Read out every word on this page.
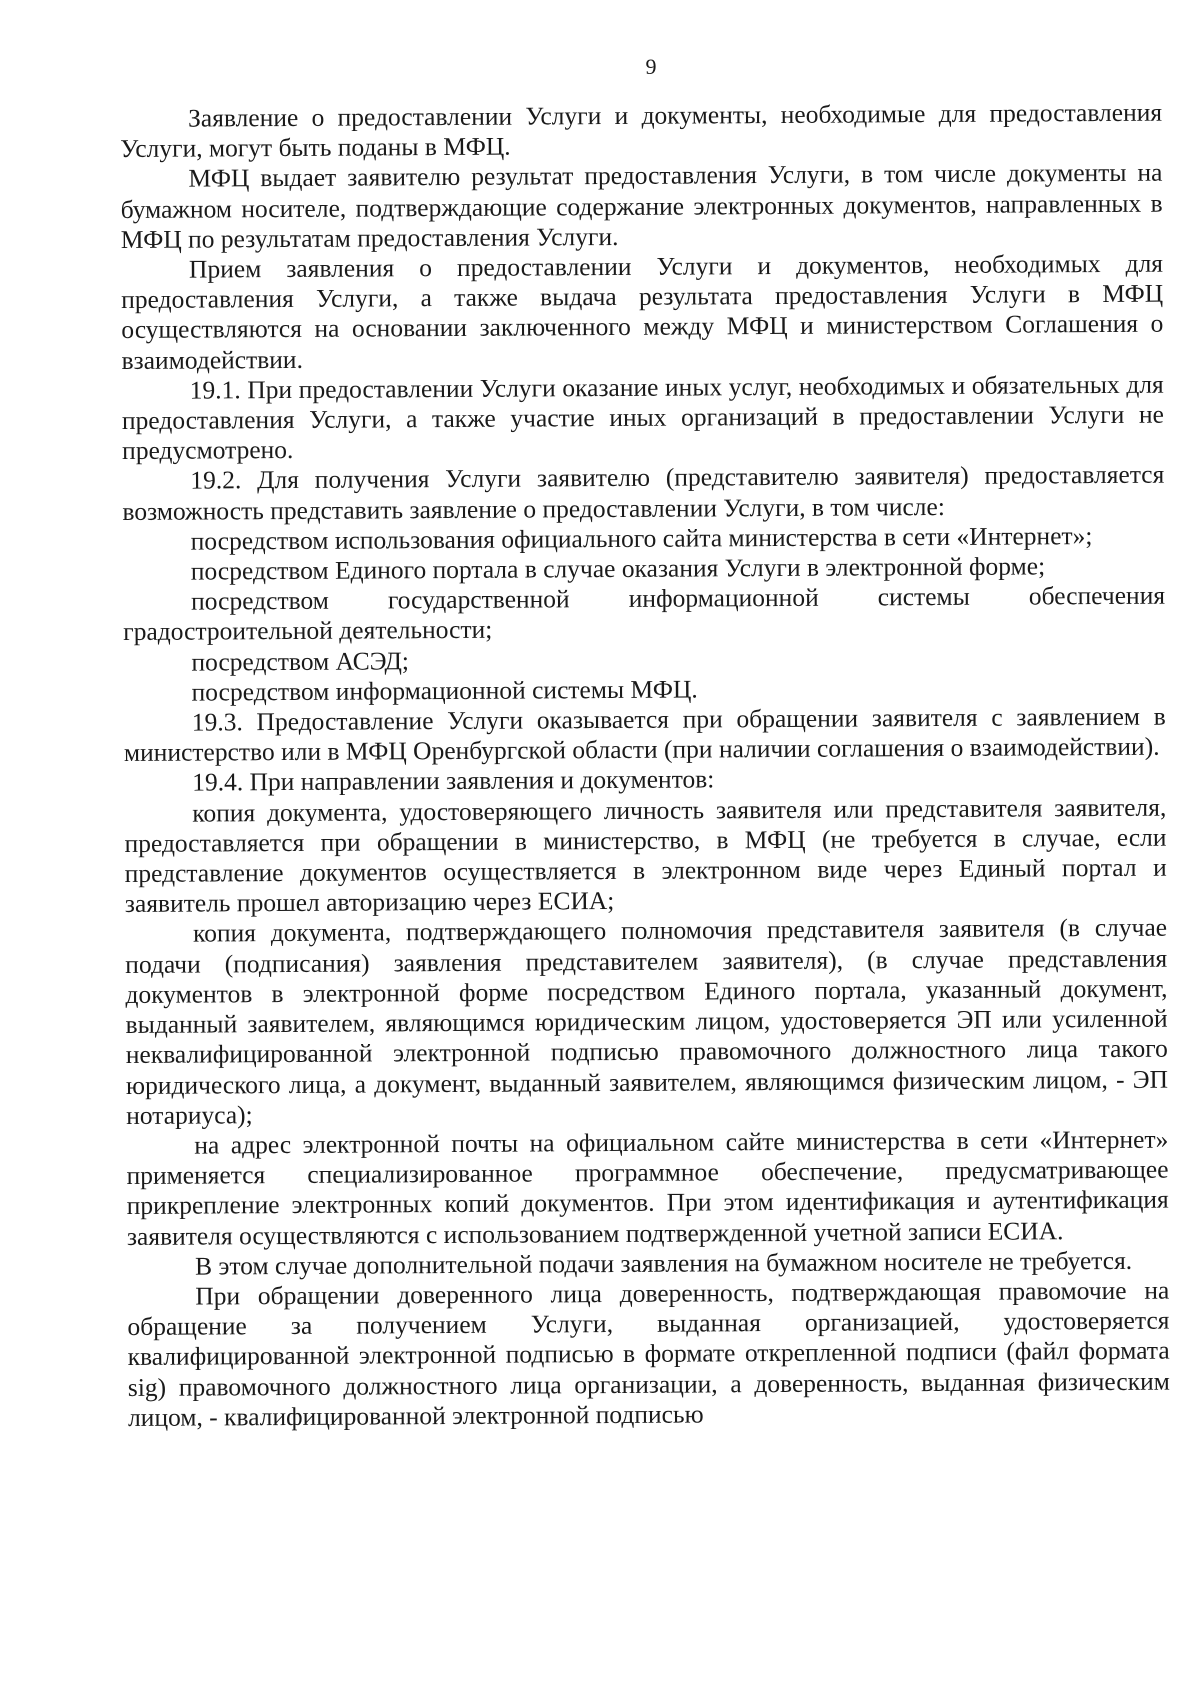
9

Заявление о предоставлении Услуги и документы, необходимые для предоставления Услуги, могут быть поданы в МФЦ.

МФЦ выдает заявителю результат предоставления Услуги, в том числе документы на бумажном носителе, подтверждающие содержание электронных документов, направленных в МФЦ по результатам предоставления Услуги.

Прием заявления о предоставлении Услуги и документов, необходимых для предоставления Услуги, а также выдача результата предоставления Услуги в МФЦ осуществляются на основании заключенного между МФЦ и министерством Соглашения о взаимодействии.

19.1. При предоставлении Услуги оказание иных услуг, необходимых и обязательных для предоставления Услуги, а также участие иных организаций в предоставлении Услуги не предусмотрено.

19.2. Для получения Услуги заявителю (представителю заявителя) предоставляется возможность представить заявление о предоставлении Услуги, в том числе:

посредством использования официального сайта министерства в сети «Интернет»;

посредством Единого портала в случае оказания Услуги в электронной форме;

посредством государственной информационной системы обеспечения градостроительной деятельности;

посредством АСЭД;

посредством информационной системы МФЦ.

19.3. Предоставление Услуги оказывается при обращении заявителя с заявлением в министерство или в МФЦ Оренбургской области (при наличии соглашения о взаимодействии).

19.4. При направлении заявления и документов:

копия документа, удостоверяющего личность заявителя или представителя заявителя, предоставляется при обращении в министерство, в МФЦ (не требуется в случае, если представление документов осуществляется в электронном виде через Единый портал и заявитель прошел авторизацию через ЕСИА;

копия документа, подтверждающего полномочия представителя заявителя (в случае подачи (подписания) заявления представителем заявителя), (в случае представления документов в электронной форме посредством Единого портала, указанный документ, выданный заявителем, являющимся юридическим лицом, удостоверяется ЭП или усиленной неквалифицированной электронной подписью правомочного должностного лица такого юридического лица, а документ, выданный заявителем, являющимся физическим лицом, - ЭП нотариуса);

на адрес электронной почты на официальном сайте министерства в сети «Интернет» применяется специализированное программное обеспечение, предусматривающее прикрепление электронных копий документов. При этом идентификация и аутентификация заявителя осуществляются с использованием подтвержденной учетной записи ЕСИА.

В этом случае дополнительной подачи заявления на бумажном носителе не требуется.

При обращении доверенного лица доверенность, подтверждающая правомочие на обращение за получением Услуги, выданная организацией, удостоверяется квалифицированной электронной подписью в формате открепленной подписи (файл формата sig) правомочного должностного лица организации, а доверенность, выданная физическим лицом, - квалифицированной электронной подписью
